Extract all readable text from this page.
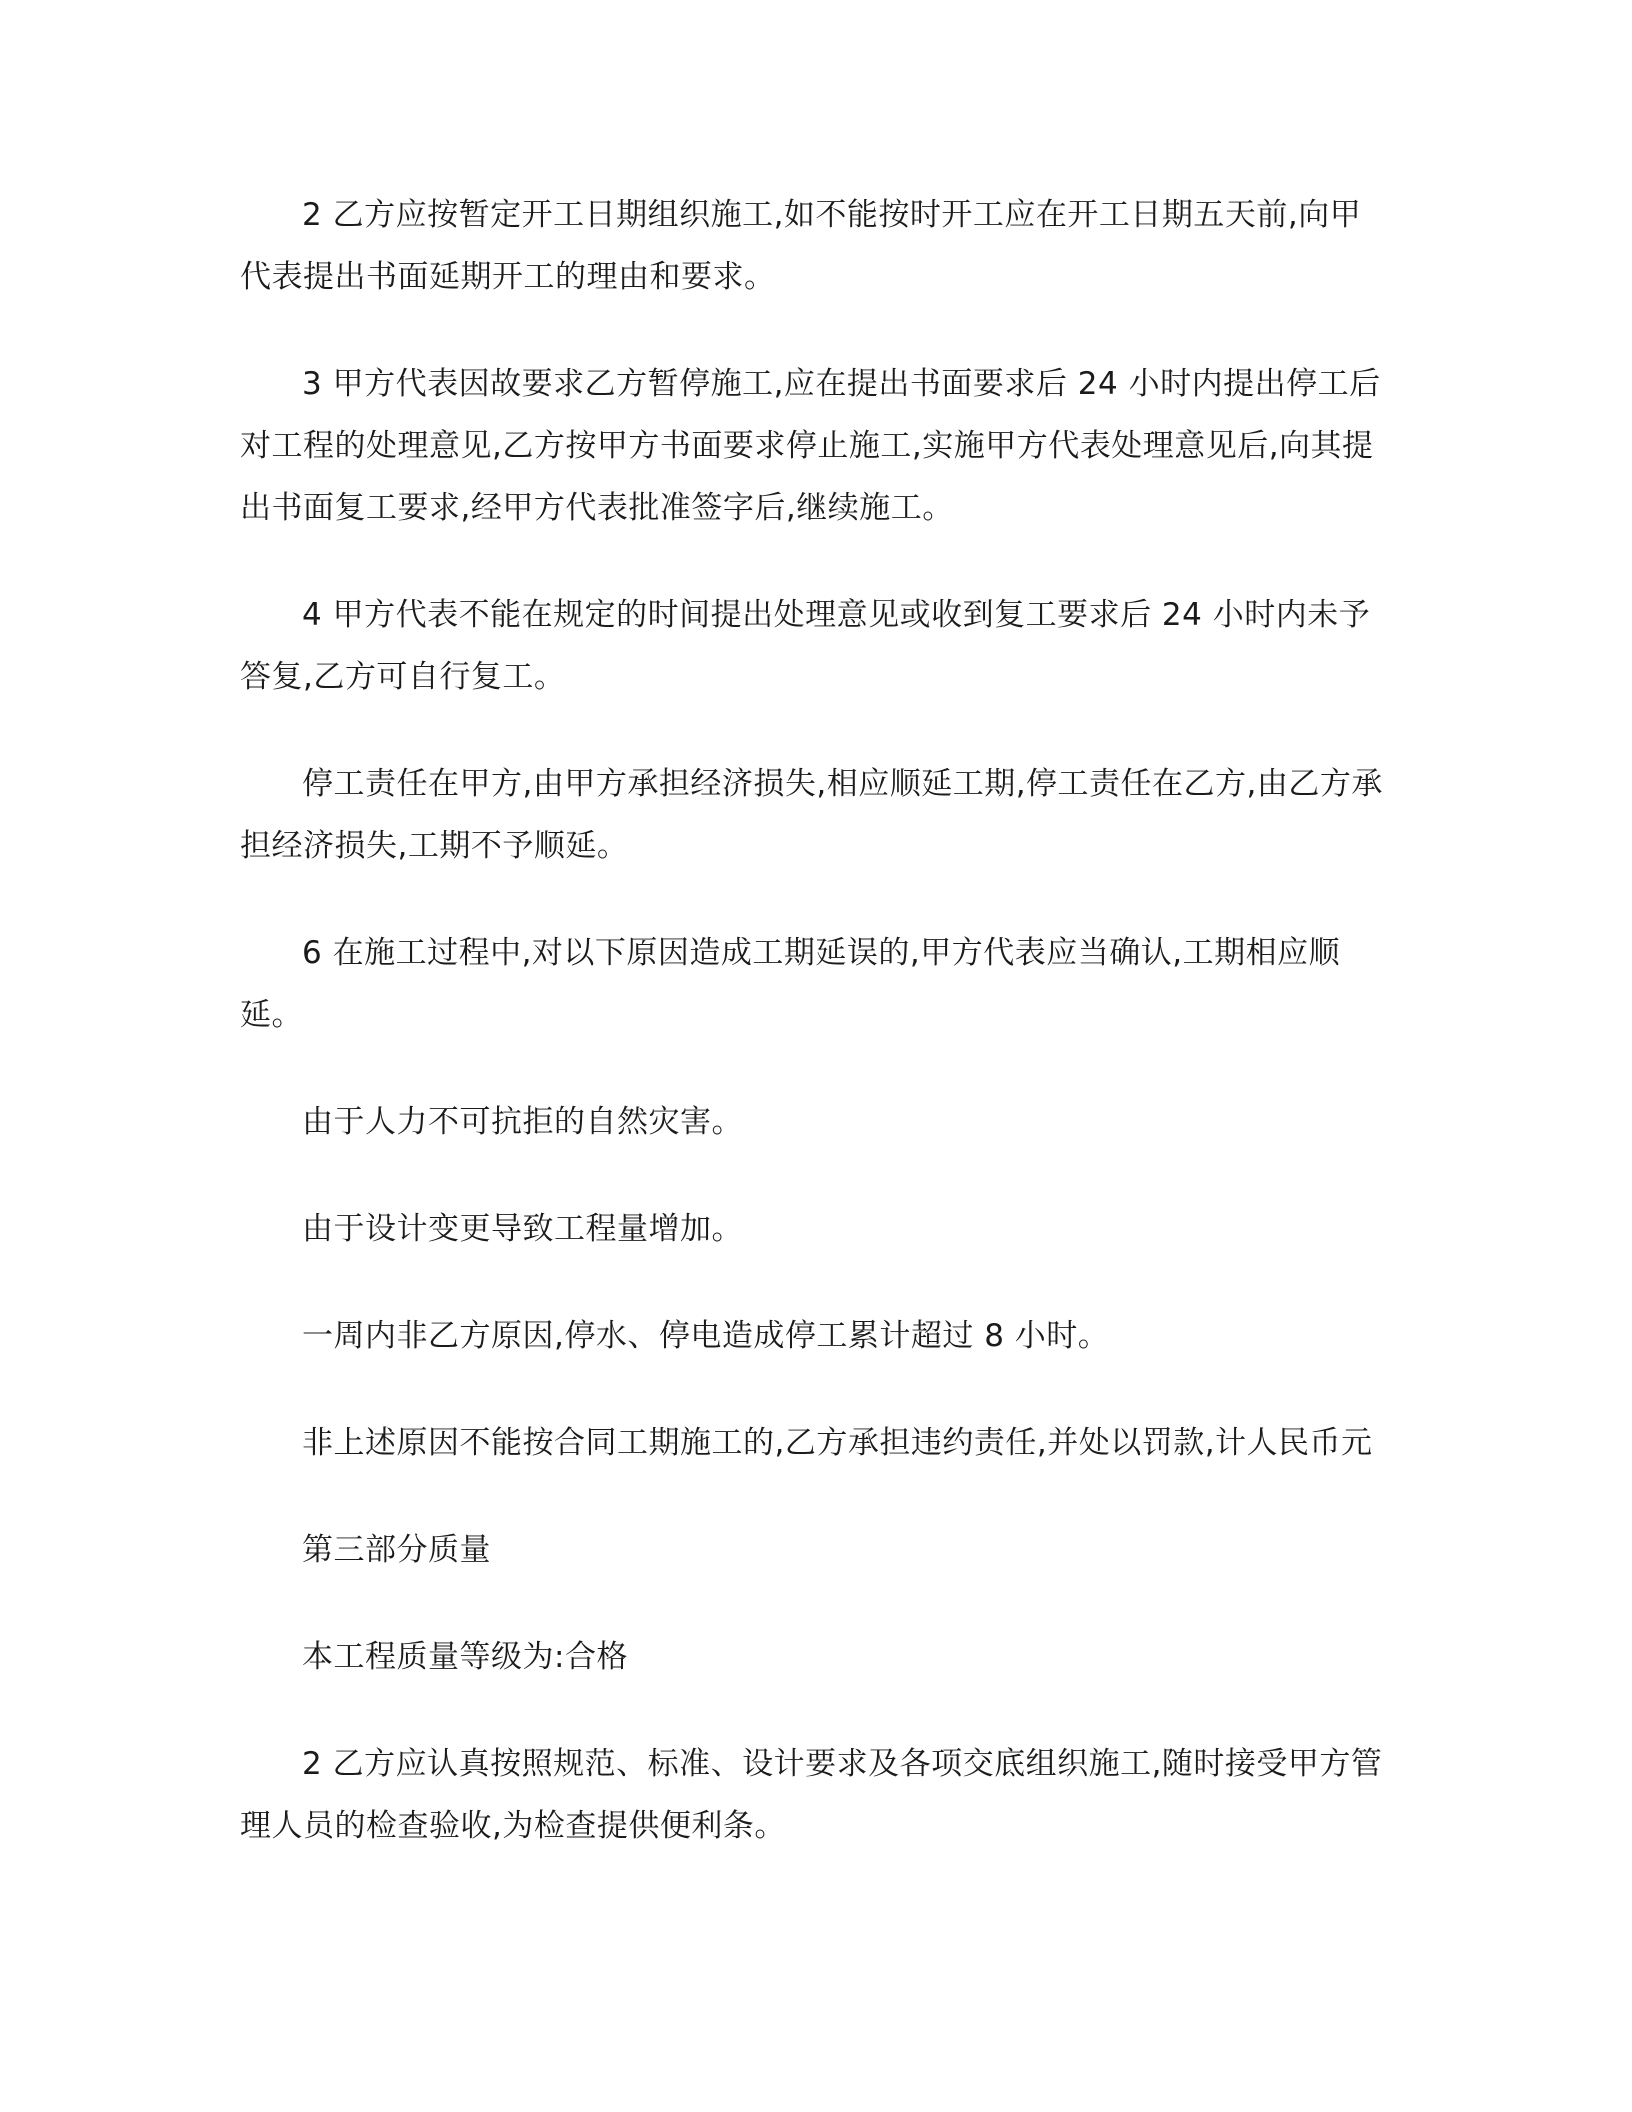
2 乙方应按暂定开工日期组织施工,如不能按时开工应在开工日期五天前,向甲代表提出书面延期开工的理由和要求。

3 甲方代表因故要求乙方暂停施工,应在提出书面要求后 24 小时内提出停工后对工程的处理意见,乙方按甲方书面要求停止施工,实施甲方代表处理意见后,向其提出书面复工要求,经甲方代表批准签字后,继续施工。

4 甲方代表不能在规定的时间提出处理意见或收到复工要求后 24 小时内未予答复,乙方可自行复工。

停工责任在甲方,由甲方承担经济损失,相应顺延工期,停工责任在乙方,由乙方承担经济损失,工期不予顺延。

6 在施工过程中,对以下原因造成工期延误的,甲方代表应当确认,工期相应顺延。

由于人力不可抗拒的自然灾害。

由于设计变更导致工程量增加。

一周内非乙方原因,停水、停电造成停工累计超过 8 小时。

非上述原因不能按合同工期施工的,乙方承担违约责任,并处以罚款,计人民币元

第三部分质量

本工程质量等级为:合格

2 乙方应认真按照规范、标准、设计要求及各项交底组织施工,随时接受甲方管理人员的检查验收,为检查提供便利条。
